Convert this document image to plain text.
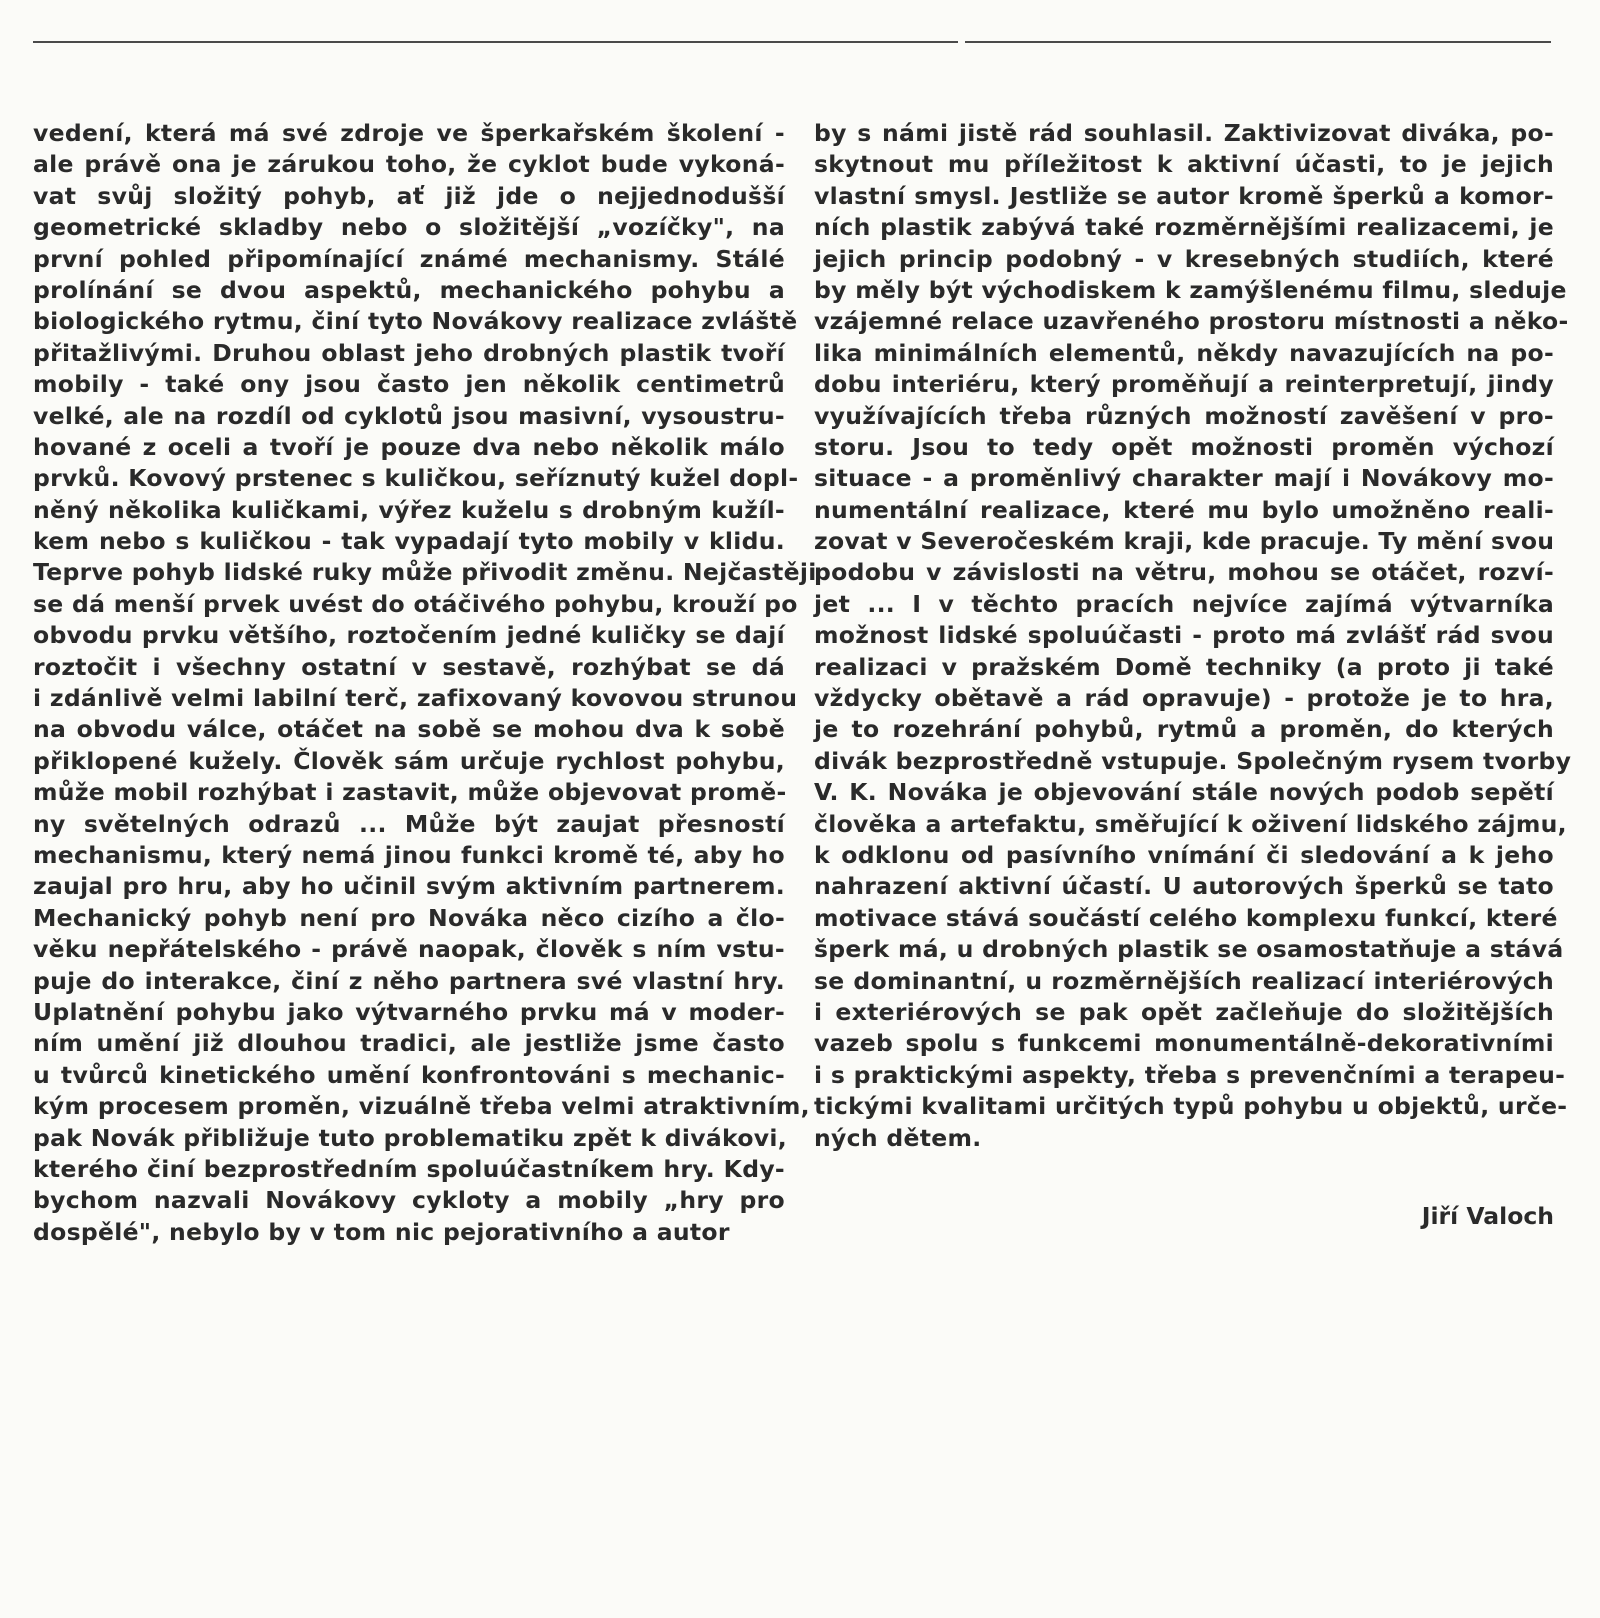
vedení, která má své zdroje ve šperkařském školení -
ale právě ona je zárukou toho, že cyklot bude vykoná-
vat svůj složitý pohyb, ať již jde o nejjednodušší
geometrické skladby nebo o složitější „vozíčky", na
první pohled připomínající známé mechanismy. Stálé
prolínání se dvou aspektů, mechanického pohybu a
biologického rytmu, činí tyto Novákovy realizace zvláště
přitažlivými. Druhou oblast jeho drobných plastik tvoří
mobily - také ony jsou často jen několik centimetrů
velké, ale na rozdíl od cyklotů jsou masivní, vysoustru-
hované z oceli a tvoří je pouze dva nebo několik málo
prvků. Kovový prstenec s kuličkou, seříznutý kužel dopl-
něný několika kuličkami, výřez kuželu s drobným kužíl-
kem nebo s kuličkou - tak vypadají tyto mobily v klidu.
Teprve pohyb lidské ruky může přivodit změnu. Nejčastěji
se dá menší prvek uvést do otáčivého pohybu, krouží po
obvodu prvku většího, roztočením jedné kuličky se dají
roztočit i všechny ostatní v sestavě, rozhýbat se dá
i zdánlivě velmi labilní terč, zafixovaný kovovou strunou
na obvodu válce, otáčet na sobě se mohou dva k sobě
přiklopené kužely. Člověk sám určuje rychlost pohybu,
může mobil rozhýbat i zastavit, může objevovat promě-
ny světelných odrazů ... Může být zaujat přesností
mechanismu, který nemá jinou funkci kromě té, aby ho
zaujal pro hru, aby ho učinil svým aktivním partnerem.
Mechanický pohyb není pro Nováka něco cizího a člo-
věku nepřátelského - právě naopak, člověk s ním vstu-
puje do interakce, činí z něho partnera své vlastní hry.
Uplatnění pohybu jako výtvarného prvku má v moder-
ním umění již dlouhou tradici, ale jestliže jsme často
u tvůrců kinetického umění konfrontováni s mechanic-
kým procesem proměn, vizuálně třeba velmi atraktivním,
pak Novák přibližuje tuto problematiku zpět k divákovi,
kterého činí bezprostředním spoluúčastníkem hry. Kdy-
bychom nazvali Novákovy cykloty a mobily „hry pro
dospělé", nebylo by v tom nic pejorativního a autor
by s námi jistě rád souhlasil. Zaktivizovat diváka, po-
skytnout mu příležitost k aktivní účasti, to je jejich
vlastní smysl. Jestliže se autor kromě šperků a komor-
ních plastik zabývá také rozměrnějšími realizacemi, je
jejich princip podobný - v kresebných studiích, které
by měly být východiskem k zamýšlenému filmu, sleduje
vzájemné relace uzavřeného prostoru místnosti a něko-
lika minimálních elementů, někdy navazujících na po-
dobu interiéru, který proměňují a reinterpretují, jindy
využívajících třeba různých možností zavěšení v pro-
storu. Jsou to tedy opět možnosti proměn výchozí
situace - a proměnlivý charakter mají i Novákovy mo-
numentální realizace, které mu bylo umožněno reali-
zovat v Severočeském kraji, kde pracuje. Ty mění svou
podobu v závislosti na větru, mohou se otáčet, rozví-
jet ... I v těchto pracích nejvíce zajímá výtvarníka
možnost lidské spoluúčasti - proto má zvlášť rád svou
realizaci v pražském Domě techniky (a proto ji také
vždycky obětavě a rád opravuje) - protože je to hra,
je to rozehrání pohybů, rytmů a proměn, do kterých
divák bezprostředně vstupuje. Společným rysem tvorby
V. K. Nováka je objevování stále nových podob sepětí
člověka a artefaktu, směřující k oživení lidského zájmu,
k odklonu od pasívního vnímání či sledování a k jeho
nahrazení aktivní účastí. U autorových šperků se tato
motivace stává součástí celého komplexu funkcí, které
šperk má, u drobných plastik se osamostatňuje a stává
se dominantní, u rozměrnějších realizací interiérových
i exteriérových se pak opět začleňuje do složitějších
vazeb spolu s funkcemi monumentálně-dekorativními
i s praktickými aspekty, třeba s prevenčními a terapeu-
tickými kvalitami určitých typů pohybu u objektů, urče-
ných dětem.
Jiří Valoch
